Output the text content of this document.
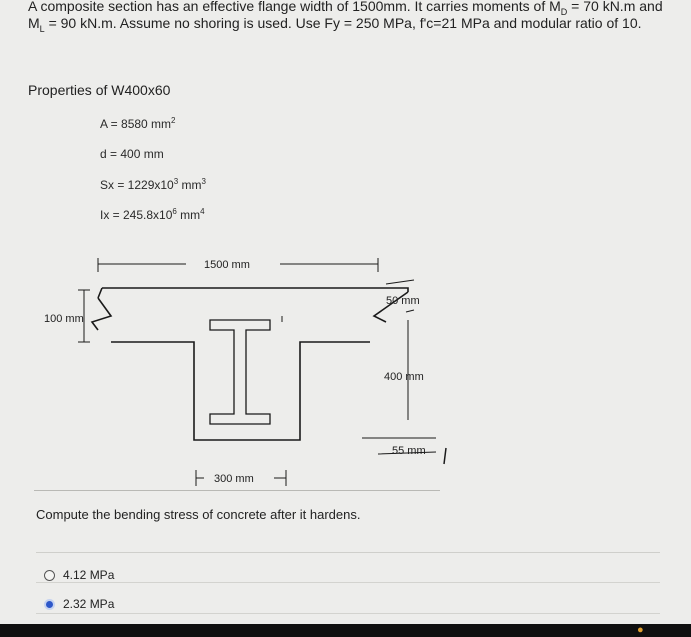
A composite section has an effective flange width of 1500mm. It carries moments of $M_D = 70$ kN.m and
$M_L = 90$ kN.m. Assume no shoring is used. Use Fy = 250 MPa, f'c=21 MPa and modular ratio of 10.
Properties of W400x60
A = 8580 $mm^2$
d = 400 mm
$Sx = 1229x10^3$ $mm^3$
$Ix = 245.8x10^6$ $mm^4$
1500 mm
100 mm
50 mm
400 mm
55 mm
300 mm
Compute the bending stress of concrete after it hardens.
4.12 MPa
2.32 MPa
●
